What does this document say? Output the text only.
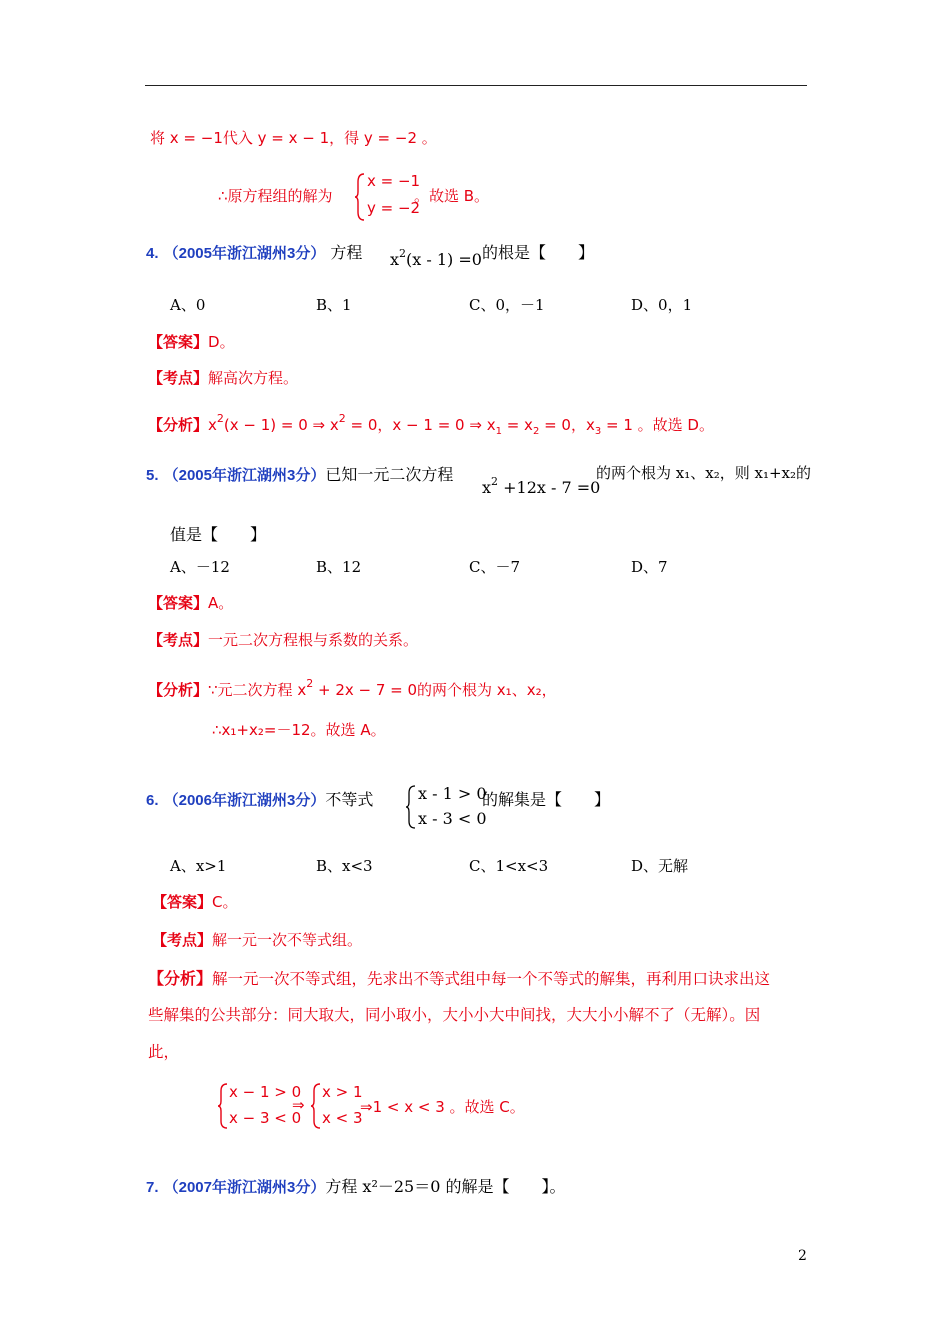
将 x = −1代入 y = x − 1，得 y = −2 。
∴原方程组的解为
x = −1
y = −2
。故选 B。
4. （2005年浙江湖州3分） 方程 $x^2(x - 1) =0$ 的根是【　　】
A、0	B、1	C、0，－1	D、0，1
【答案】D。
【考点】解高次方程。
【分析】$x^2(x - 1) = 0$ ⇒ $x^2 = 0$，x − 1 = 0 ⇒ $x_1 = x_2 = 0$，$x_3 = 1$ 。故选 D。
5. （2005年浙江湖州3分）已知一元二次方程
$x^2 +12x - 7 =0$
的两个根为 x₁、x₂，则 x₁+x₂的
值是【　　】
A、－12	B、12	C、－7	D、7
【答案】A。
【考点】一元二次方程根与系数的关系。
【分析】∵元二次方程 $x^2 + 2x - 7 = 0$的两个根为 x₁、x₂，
∴x₁+x₂=－12。故选 A。
6. （2006年浙江湖州3分）不等式	x - 1 > 0
x - 3 < 0
的解集是【　　】
A、x>1	B、x<3	C、1<x<3	D、无解
【答案】C。
【考点】解一元一次不等式组。
【分析】解一元一次不等式组，先求出不等式组中每一个不等式的解集，再利用口诀求出这
些解集的公共部分：同大取大，同小取小，大小小大中间找，大大小小解不了（无解）。因
此，
x − 1 > 0
x − 3 < 0
⇒
x > 1
x < 3
⇒1 < x < 3 。故选 C。
7. （2007年浙江湖州3分）方程 x²－25＝0 的解是【　　】。
2
